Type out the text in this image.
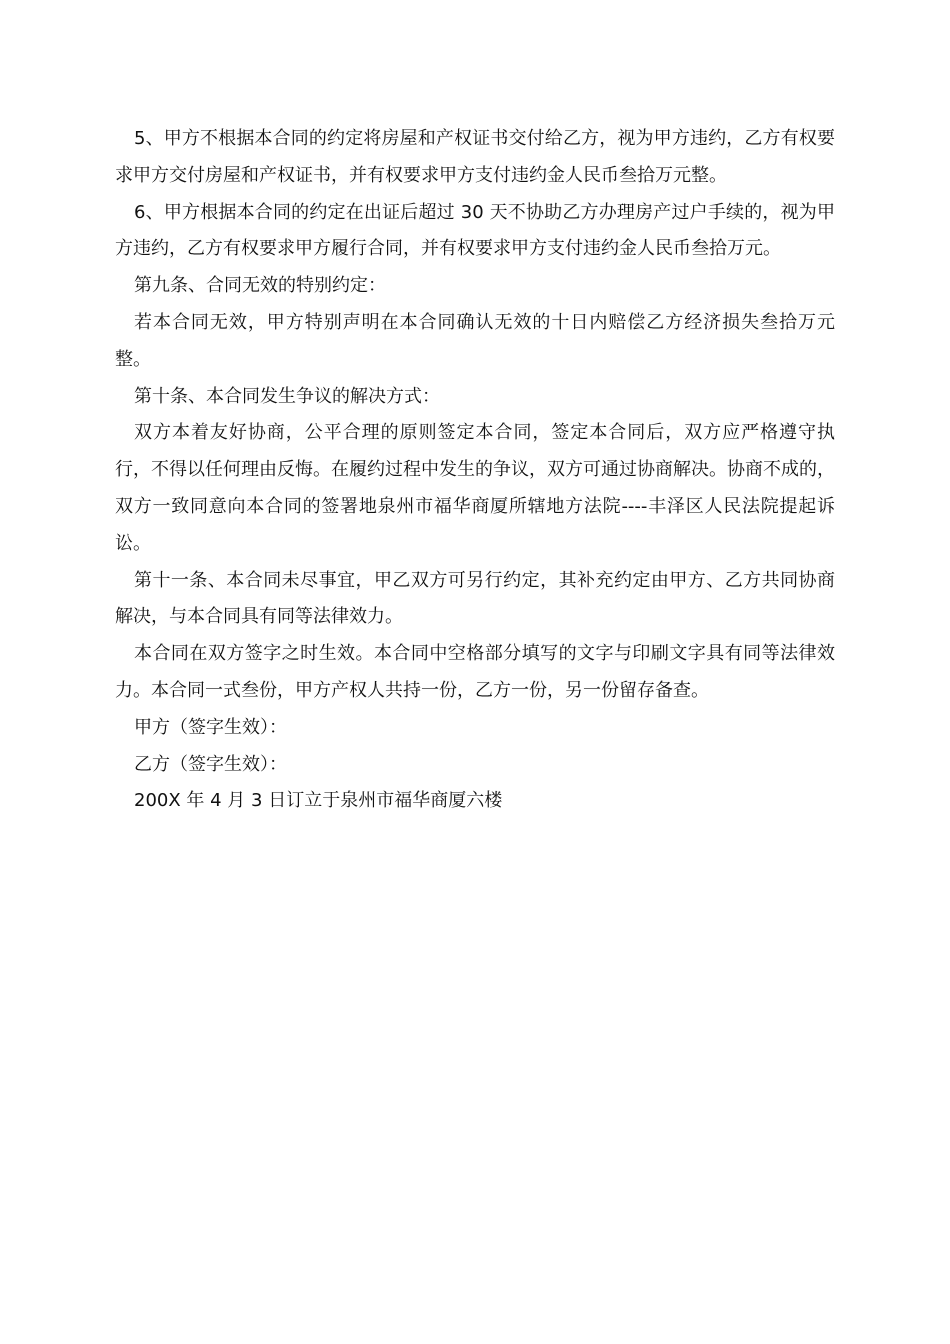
5、甲方不根据本合同的约定将房屋和产权证书交付给乙方，视为甲方违约，乙方有权要求甲方交付房屋和产权证书，并有权要求甲方支付违约金人民币叁拾万元整。

6、甲方根据本合同的约定在出证后超过 30 天不协助乙方办理房产过户手续的，视为甲方违约，乙方有权要求甲方履行合同，并有权要求甲方支付违约金人民币叁拾万元。

第九条、合同无效的特别约定：

若本合同无效，甲方特别声明在本合同确认无效的十日内赔偿乙方经济损失叁拾万元整。

第十条、本合同发生争议的解决方式：

双方本着友好协商，公平合理的原则签定本合同，签定本合同后，双方应严格遵守执行，不得以任何理由反悔。在履约过程中发生的争议，双方可通过协商解决。协商不成的，双方一致同意向本合同的签署地泉州市福华商厦所辖地方法院----丰泽区人民法院提起诉讼。

第十一条、本合同未尽事宜，甲乙双方可另行约定，其补充约定由甲方、乙方共同协商解决，与本合同具有同等法律效力。

本合同在双方签字之时生效。本合同中空格部分填写的文字与印刷文字具有同等法律效力。本合同一式叁份，甲方产权人共持一份，乙方一份，另一份留存备查。

甲方（签字生效）：

乙方（签字生效）：

200X 年 4 月 3 日订立于泉州市福华商厦六楼
